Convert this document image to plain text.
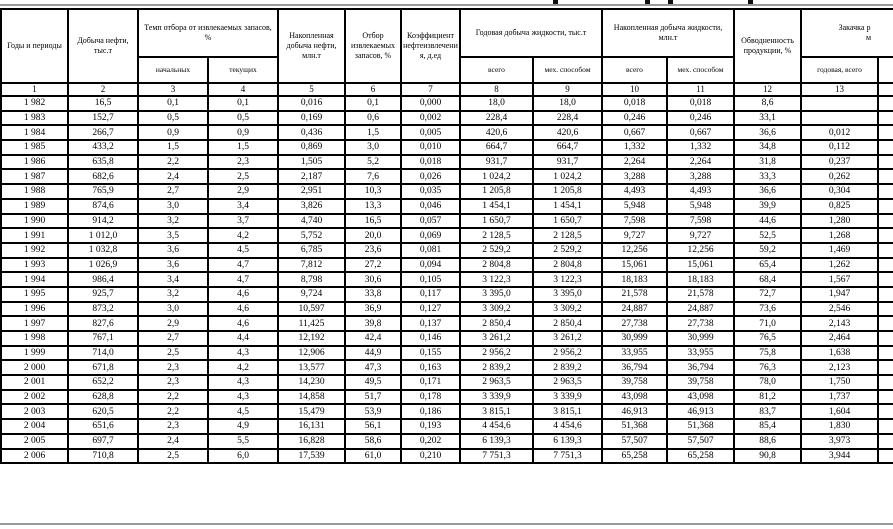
Годы и периоды	Добыча нефти, тыс.т	Темп отбора от извлекаемых запасов, %		Накопленная добыча нефти, млн.т	Отбор извлекаемых запасов, %	Коэффициент нефтеизвлечения, д.ед	Годовая добыча жидкости, тыс.т		Накопленная добыча жидкости, млн.т		Обводненность продукции, %	Закачка р
м	

		начальных	текущих				всего	мех. способом	всего	мех. способом		годовая, всего	
1	2	3	4	5	6	7	8	9	10	11	12	13	
1 982	16,5	0,1	0,1	0,016	0,1	0,000	18,0	18,0	0,018	0,018	8,6		
1 983	152,7	0,5	0,5	0,169	0,6	0,002	228,4	228,4	0,246	0,246	33,1		
1 984	266,7	0,9	0,9	0,436	1,5	0,005	420,6	420,6	0,667	0,667	36,6	0,012	
1 985	433,2	1,5	1,5	0,869	3,0	0,010	664,7	664,7	1,332	1,332	34,8	0,112	
1 986	635,8	2,2	2,3	1,505	5,2	0,018	931,7	931,7	2,264	2,264	31,8	0,237	
1 987	682,6	2,4	2,5	2,187	7,6	0,026	1 024,2	1 024,2	3,288	3,288	33,3	0,262	
1 988	765,9	2,7	2,9	2,951	10,3	0,035	1 205,8	1 205,8	4,493	4,493	36,6	0,304	
1 989	874,6	3,0	3,4	3,826	13,3	0,046	1 454,1	1 454,1	5,948	5,948	39,9	0,825	
1 990	914,2	3,2	3,7	4,740	16,5	0,057	1 650,7	1 650,7	7,598	7,598	44,6	1,280	
1 991	1 012,0	3,5	4,2	5,752	20,0	0,069	2 128,5	2 128,5	9,727	9,727	52,5	1,268	
1 992	1 032,8	3,6	4,5	6,785	23,6	0,081	2 529,2	2 529,2	12,256	12,256	59,2	1,469	
1 993	1 026,9	3,6	4,7	7,812	27,2	0,094	2 804,8	2 804,8	15,061	15,061	65,4	1,262	
1 994	986,4	3,4	4,7	8,798	30,6	0,105	3 122,3	3 122,3	18,183	18,183	68,4	1,567	
1 995	925,7	3,2	4,6	9,724	33,8	0,117	3 395,0	3 395,0	21,578	21,578	72,7	1,947	
1 996	873,2	3,0	4,6	10,597	36,9	0,127	3 309,2	3 309,2	24,887	24,887	73,6	2,546	
1 997	827,6	2,9	4,6	11,425	39,8	0,137	2 850,4	2 850,4	27,738	27,738	71,0	2,143	
1 998	767,1	2,7	4,4	12,192	42,4	0,146	3 261,2	3 261,2	30,999	30,999	76,5	2,464	
1 999	714,0	2,5	4,3	12,906	44,9	0,155	2 956,2	2 956,2	33,955	33,955	75,8	1,638	
2 000	671,8	2,3	4,2	13,577	47,3	0,163	2 839,2	2 839,2	36,794	36,794	76,3	2,123	
2 001	652,2	2,3	4,3	14,230	49,5	0,171	2 963,5	2 963,5	39,758	39,758	78,0	1,750	
2 002	628,8	2,2	4,3	14,858	51,7	0,178	3 339,9	3 339,9	43,098	43,098	81,2	1,737	
2 003	620,5	2,2	4,5	15,479	53,9	0,186	3 815,1	3 815,1	46,913	46,913	83,7	1,604	
2 004	651,6	2,3	4,9	16,131	56,1	0,193	4 454,6	4 454,6	51,368	51,368	85,4	1,830	
2 005	697,7	2,4	5,5	16,828	58,6	0,202	6 139,3	6 139,3	57,507	57,507	88,6	3,973	
2 006	710,8	2,5	6,0	17,539	61,0	0,210	7 751,3	7 751,3	65,258	65,258	90,8	3,944	
